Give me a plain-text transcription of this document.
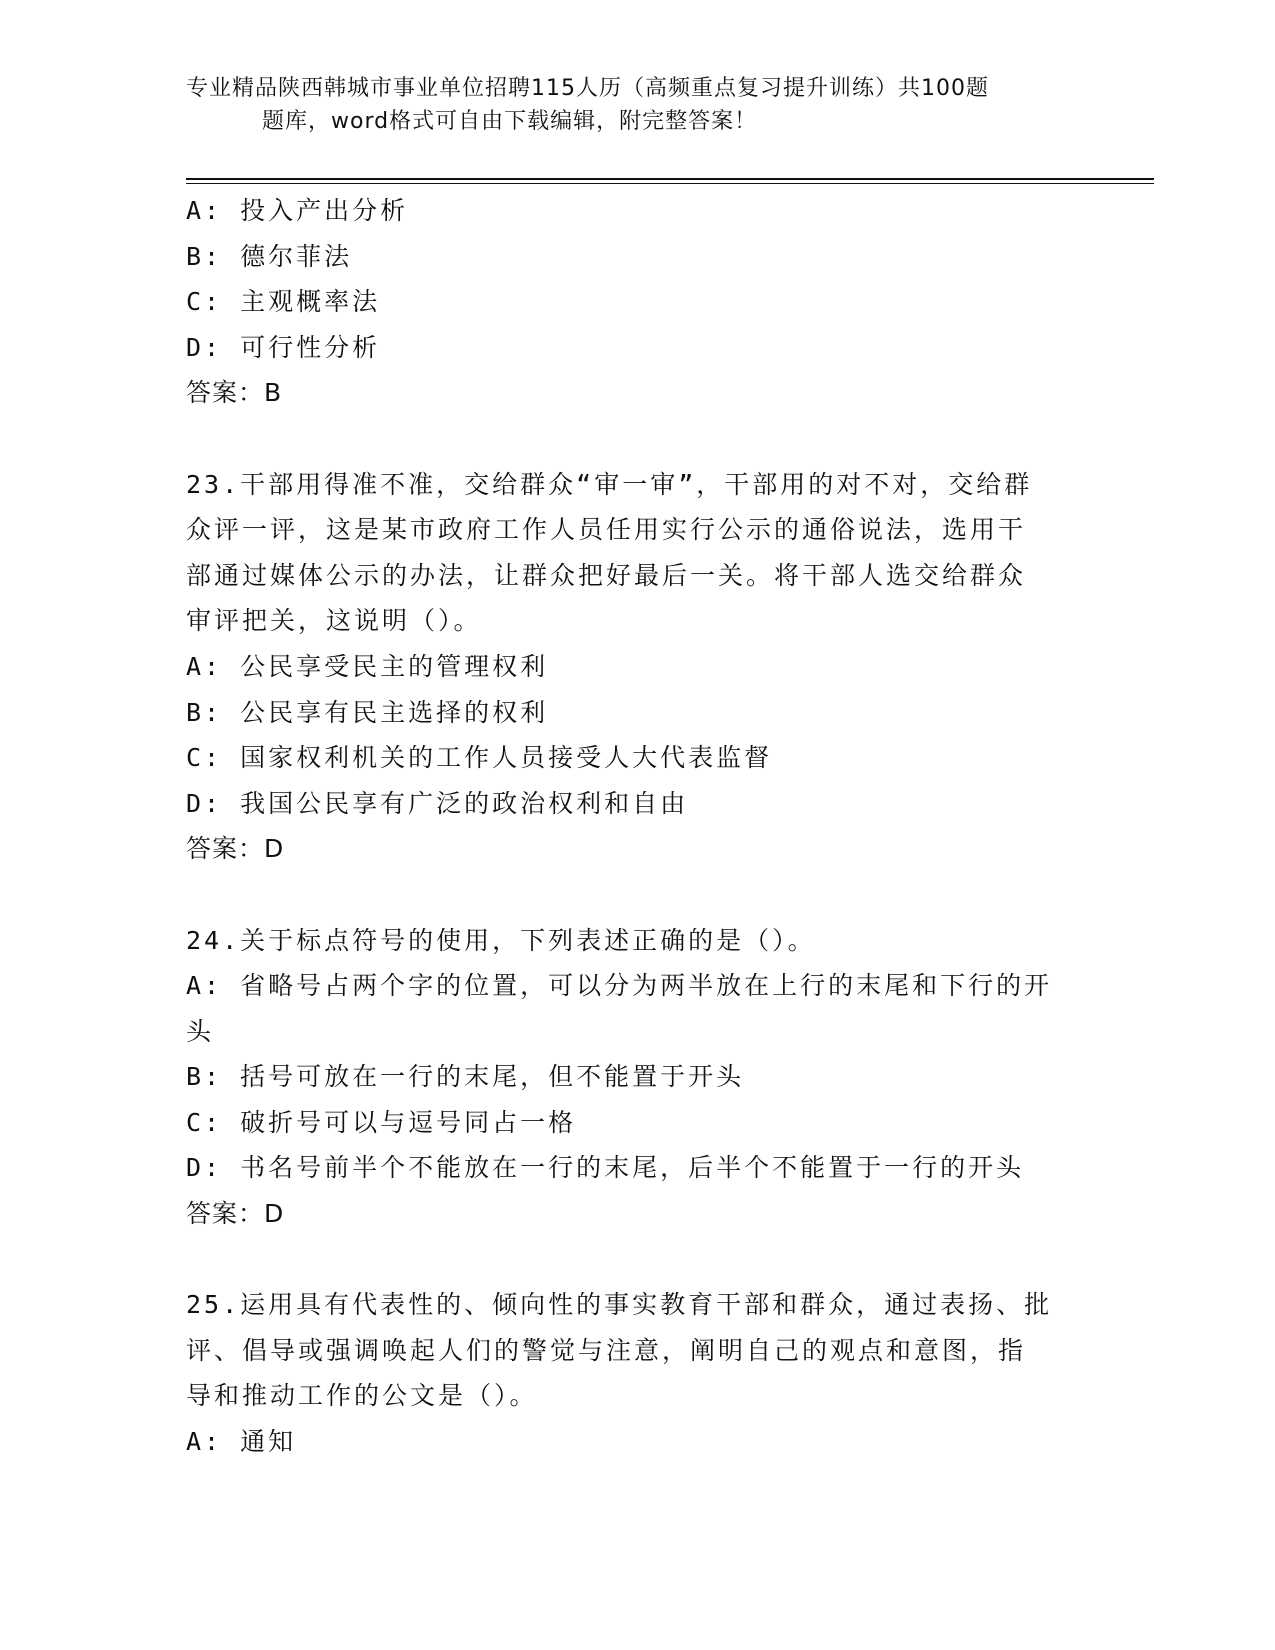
专业精品陕西韩城市事业单位招聘115人历（高频重点复习提升训练）共100题
题库，word格式可自由下载编辑，附完整答案！
A: 投入产出分析
B: 德尔菲法
C: 主观概率法
D: 可行性分析
答案：B
23.干部用得准不准，交给群众“审一审”，干部用的对不对，交给群
众评一评，这是某市政府工作人员任用实行公示的通俗说法，选用干
部通过媒体公示的办法，让群众把好最后一关。将干部人选交给群众
审评把关，这说明（）。
A: 公民享受民主的管理权利
B: 公民享有民主选择的权利
C: 国家权利机关的工作人员接受人大代表监督
D: 我国公民享有广泛的政治权利和自由
答案：D
24.关于标点符号的使用，下列表述正确的是（）。
A: 省略号占两个字的位置，可以分为两半放在上行的末尾和下行的开
头
B: 括号可放在一行的末尾，但不能置于开头
C: 破折号可以与逗号同占一格
D: 书名号前半个不能放在一行的末尾，后半个不能置于一行的开头
答案：D
25.运用具有代表性的、倾向性的事实教育干部和群众，通过表扬、批
评、倡导或强调唤起人们的警觉与注意，阐明自己的观点和意图，指
导和推动工作的公文是（）。
A: 通知
